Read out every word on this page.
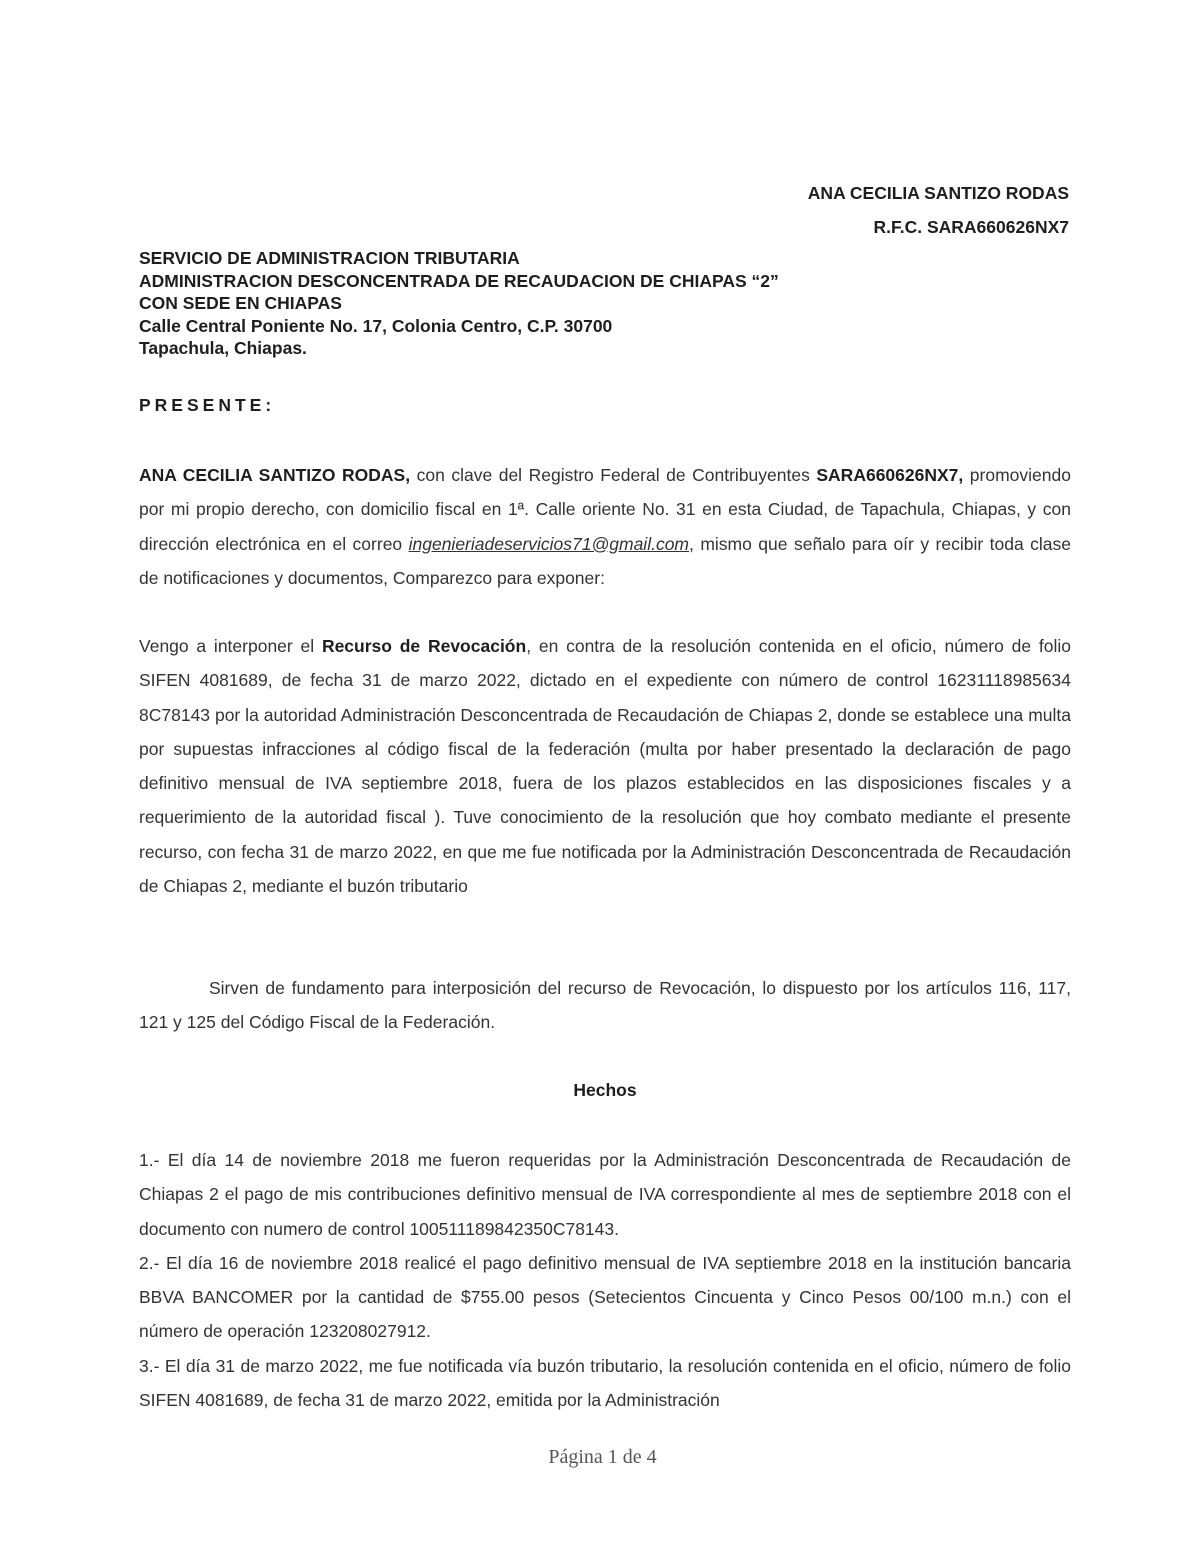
ANA CECILIA SANTIZO RODAS
R.F.C. SARA660626NX7
SERVICIO DE ADMINISTRACION TRIBUTARIA
ADMINISTRACION DESCONCENTRADA DE RECAUDACION DE CHIAPAS “2”
CON SEDE EN CHIAPAS
Calle Central Poniente No. 17, Colonia Centro, C.P. 30700
Tapachula, Chiapas.
PRESENTE:
ANA CECILIA SANTIZO RODAS, con clave del Registro Federal de Contribuyentes SARA660626NX7, promoviendo por mi propio derecho, con domicilio fiscal en 1ª. Calle oriente No. 31 en esta Ciudad, de Tapachula, Chiapas, y con dirección electrónica en el correo ingenieriadeservicios71@gmail.com, mismo que señalo para oír y recibir toda clase de notificaciones y documentos, Comparezco para exponer:
Vengo a interponer el Recurso de Revocación, en contra de la resolución contenida en el oficio, número de folio SIFEN 4081689, de fecha 31 de marzo 2022, dictado en el expediente con número de control 16231118985634​8C78143 por la autoridad Administración Desconcentrada de Recaudación de Chiapas 2, donde se establece una multa por supuestas infracciones al código fiscal de la federación (multa por haber presentado la declaración de pago definitivo mensual de IVA septiembre 2018, fuera de los plazos establecidos en las disposiciones fiscales y a requerimiento de la autoridad fiscal ). Tuve conocimiento de la resolución que hoy combato mediante el presente recurso, con fecha 31 de marzo 2022, en que me fue notificada por la Administración Desconcentrada de Recaudación de Chiapas 2, mediante el buzón tributario
Sirven de fundamento para interposición del recurso de Revocación, lo dispuesto por los artículos 116, 117, 121 y 125 del Código Fiscal de la Federación.
Hechos
1.- El día 14 de noviembre 2018 me fueron requeridas por la Administración Desconcentrada de Recaudación de Chiapas 2 el pago de mis contribuciones definitivo mensual de IVA correspondiente al mes de septiembre 2018 con el documento con numero de control 100511189842350C78143.
2.- El día 16 de noviembre 2018 realicé el pago definitivo mensual de IVA septiembre 2018 en la institución bancaria BBVA BANCOMER por la cantidad de $755.00 pesos (Setecientos Cincuenta y Cinco Pesos 00/100 m.n.) con el número de operación 123208027912.
3.- El día 31 de marzo 2022, me fue notificada vía buzón tributario, la resolución contenida en el oficio, número de folio SIFEN 4081689, de fecha 31 de marzo 2022, emitida por la Administración
Página 1 de 4
